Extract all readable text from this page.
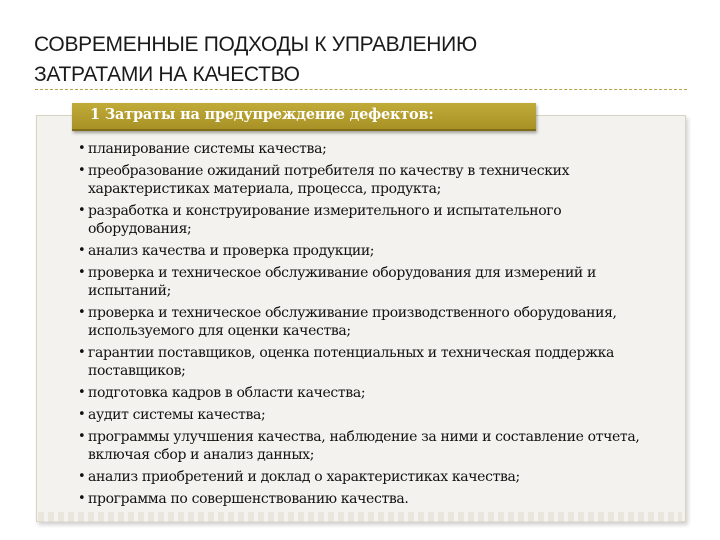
СОВРЕМЕННЫЕ ПОДХОДЫ К УПРАВЛЕНИЮ
ЗАТРАТАМИ НА КАЧЕСТВО
1 Затраты на предупреждение дефектов:
• планирование системы качества;
• преобразование ожиданий потребителя по качеству в технических характеристиках материала, процесса, продукта;
• разработка и конструирование измерительного и испытательного оборудования;
• анализ качества и проверка продукции;
• проверка и техническое обслуживание оборудования для измерений и испытаний;
• проверка и техническое обслуживание производственного оборудования, используемого для оценки качества;
• гарантии поставщиков, оценка потенциальных и техническая поддержка поставщиков;
• подготовка кадров в области качества;
• аудит системы качества;
• программы улучшения качества, наблюдение за ними и составление отчета, включая сбор и анализ данных;
• анализ приобретений и доклад о характеристиках качества;
• программа по совершенствованию качества.
